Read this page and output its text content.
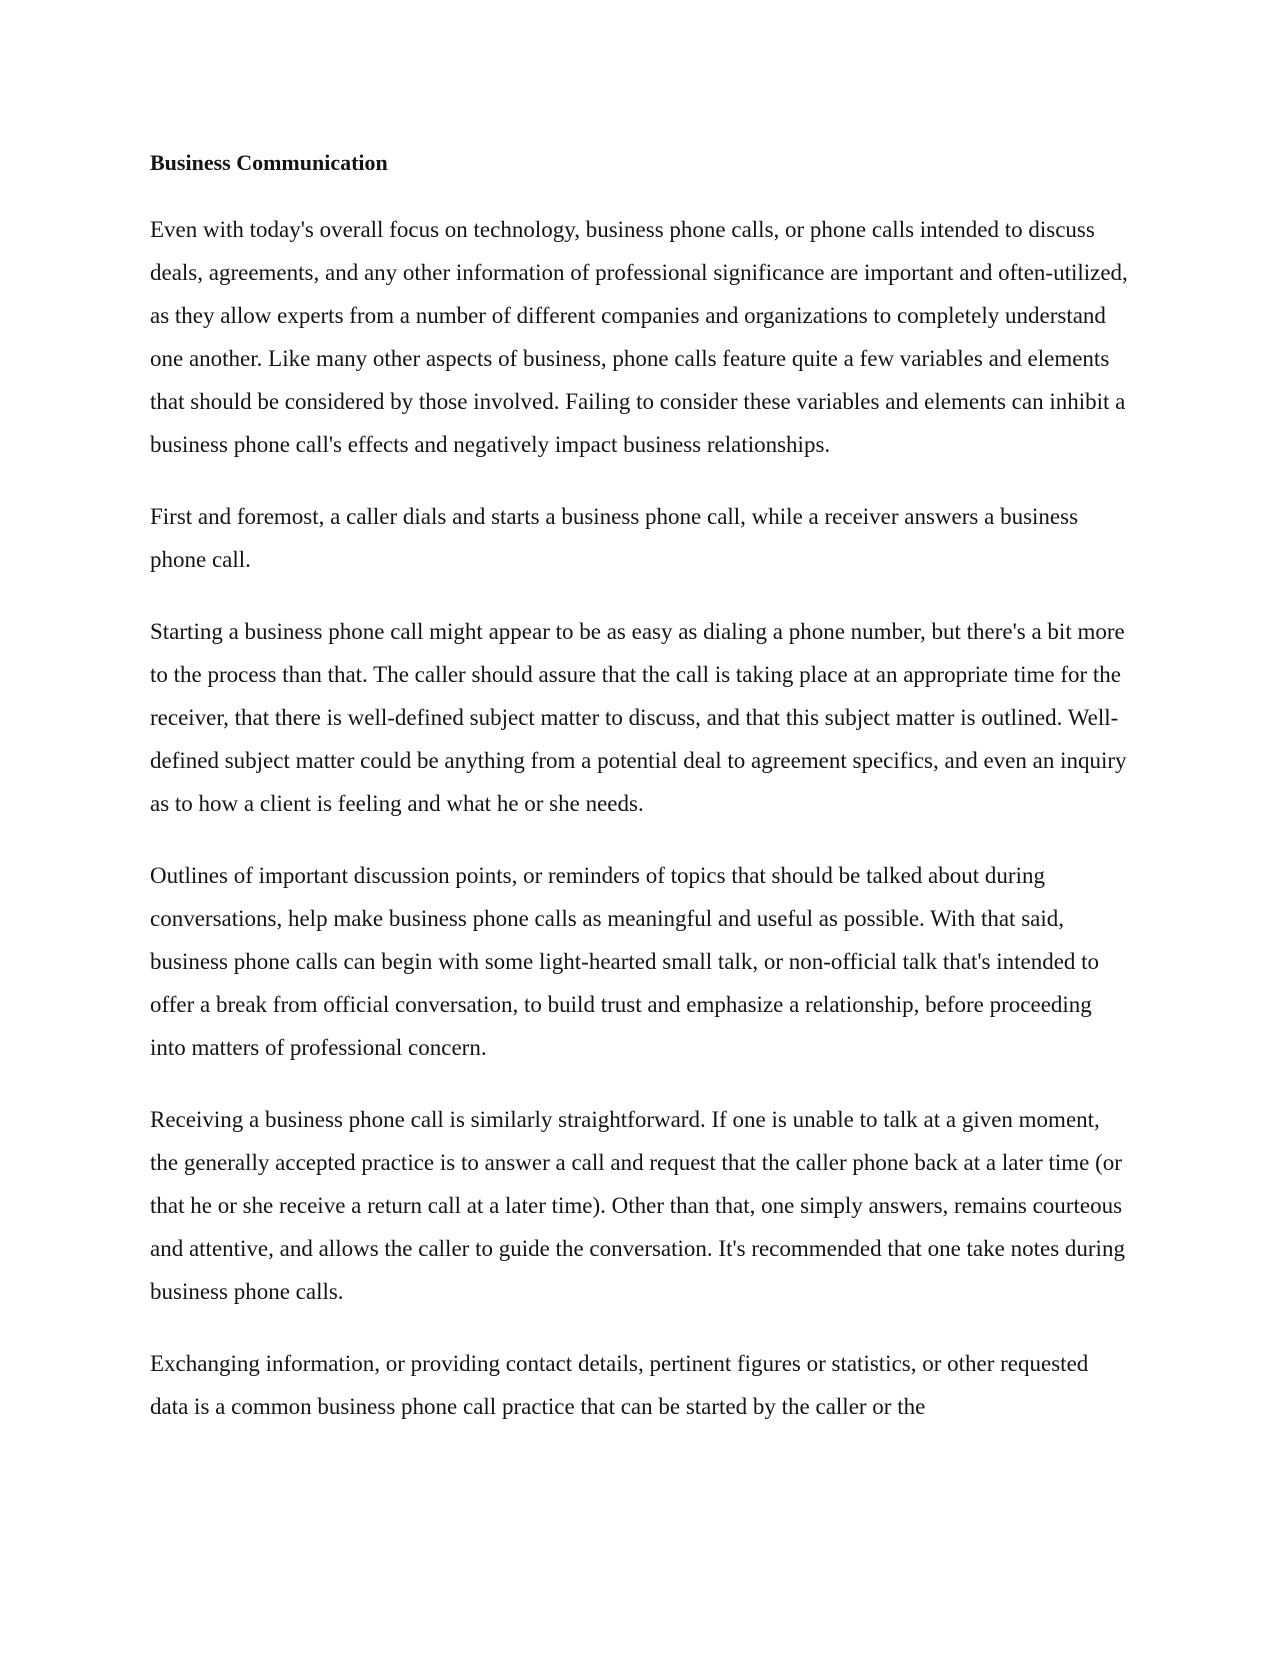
Business Communication

Even with today's overall focus on technology, business phone calls, or phone calls intended to discuss deals, agreements, and any other information of professional significance are important and often-utilized, as they allow experts from a number of different companies and organizations to completely understand one another. Like many other aspects of business, phone calls feature quite a few variables and elements that should be considered by those involved. Failing to consider these variables and elements can inhibit a business phone call's effects and negatively impact business relationships.

First and foremost, a caller dials and starts a business phone call, while a receiver answers a business phone call.

Starting a business phone call might appear to be as easy as dialing a phone number, but there's a bit more to the process than that. The caller should assure that the call is taking place at an appropriate time for the receiver, that there is well-defined subject matter to discuss, and that this subject matter is outlined. Well-defined subject matter could be anything from a potential deal to agreement specifics, and even an inquiry as to how a client is feeling and what he or she needs.

Outlines of important discussion points, or reminders of topics that should be talked about during conversations, help make business phone calls as meaningful and useful as possible. With that said, business phone calls can begin with some light-hearted small talk, or non-official talk that's intended to offer a break from official conversation, to build trust and emphasize a relationship, before proceeding into matters of professional concern.

Receiving a business phone call is similarly straightforward. If one is unable to talk at a given moment, the generally accepted practice is to answer a call and request that the caller phone back at a later time (or that he or she receive a return call at a later time). Other than that, one simply answers, remains courteous and attentive, and allows the caller to guide the conversation. It's recommended that one take notes during business phone calls.

Exchanging information, or providing contact details, pertinent figures or statistics, or other requested data is a common business phone call practice that can be started by the caller or the
